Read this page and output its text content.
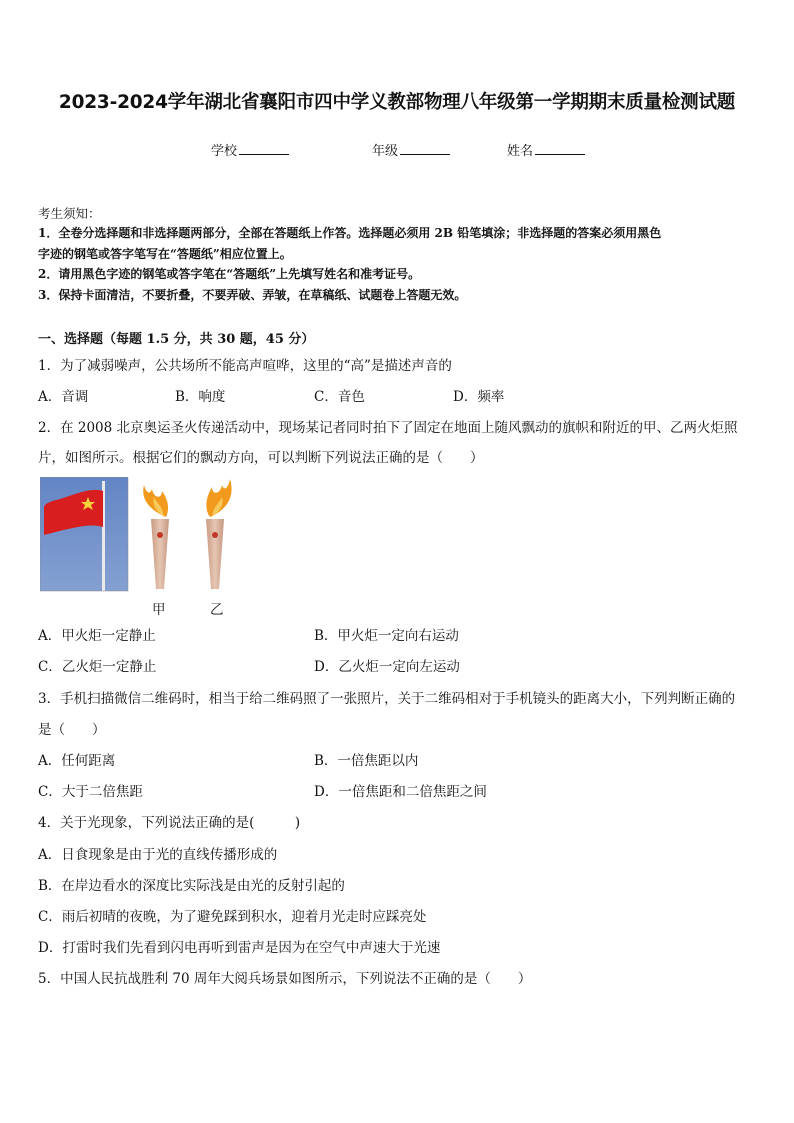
2023-2024学年湖北省襄阳市四中学义教部物理八年级第一学期期末质量检测试题
学校	年级	姓名
考生须知：
1．全卷分选择题和非选择题两部分，全部在答题纸上作答。选择题必须用 2B 铅笔填涂；非选择题的答案必须用黑色
字迹的钢笔或答字笔写在“答题纸”相应位置上。
2．请用黑色字迹的钢笔或答字笔在“答题纸”上先填写姓名和准考证号。
3．保持卡面清洁，不要折叠，不要弄破、弄皱，在草稿纸、试题卷上答题无效。
一、选择题（每题 1.5 分，共 30 题，45 分）
1．为了减弱噪声，公共场所不能高声喧哗，这里的“高”是描述声音的
A．音调	B．响度	C．音色	D．频率
2．在 2008 北京奥运圣火传递活动中，现场某记者同时拍下了固定在地面上随风飘动的旗帜和附近的甲、乙两火炬照
片，如图所示。根据它们的飘动方向，可以判断下列说法正确的是（　　）
甲	乙
A．甲火炬一定静止	B．甲火炬一定向右运动
C．乙火炬一定静止	D．乙火炬一定向左运动
3．手机扫描微信二维码时，相当于给二维码照了一张照片，关于二维码相对于手机镜头的距离大小，下列判断正确的
是（　　）
A．任何距离	B．一倍焦距以内
C．大于二倍焦距	D．一倍焦距和二倍焦距之间
4．关于光现象，下列说法正确的是(　　　)
A．日食现象是由于光的直线传播形成的
B．在岸边看水的深度比实际浅是由光的反射引起的
C．雨后初晴的夜晚，为了避免踩到积水，迎着月光走时应踩亮处
D．打雷时我们先看到闪电再听到雷声是因为在空气中声速大于光速
5．中国人民抗战胜利 70 周年大阅兵场景如图所示，下列说法不正确的是（　　）
